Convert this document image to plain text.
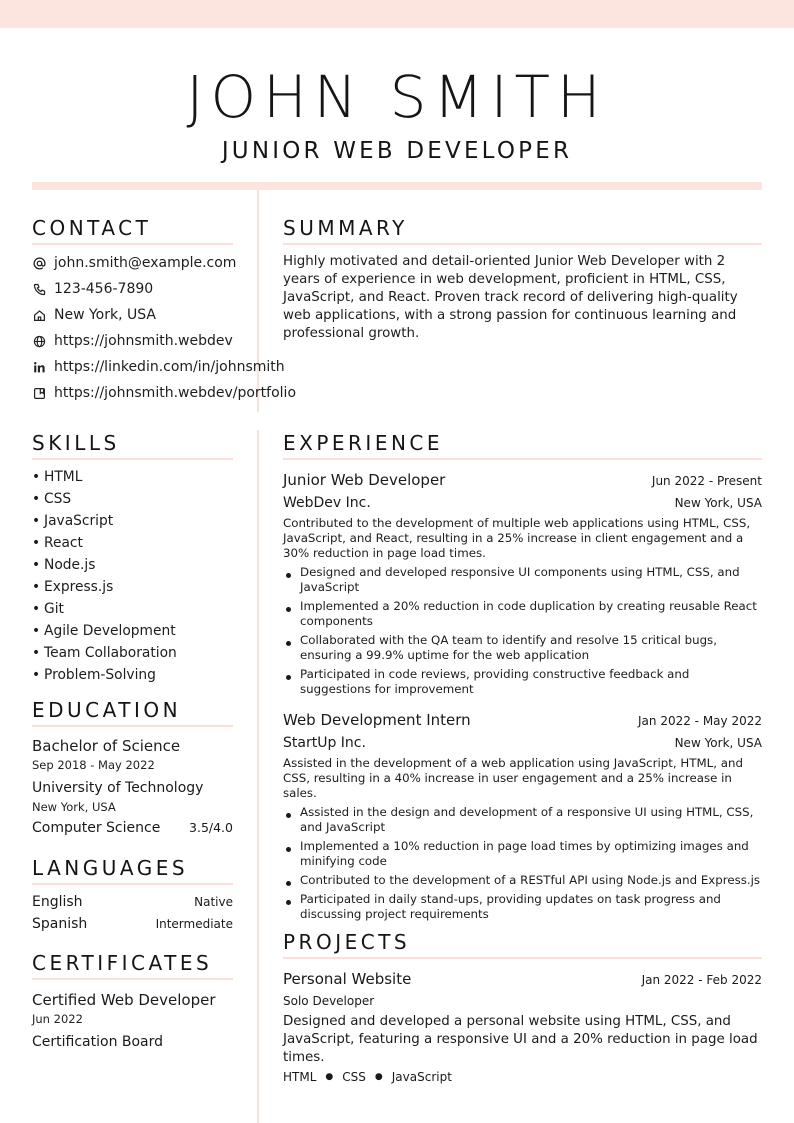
JOHN SMITH
JUNIOR WEB DEVELOPER
CONTACT
john.smith@example.com
123-456-7890
New York, USA
https://johnsmith.webdev
https://linkedin.com/in/johnsmith
https://johnsmith.webdev/portfolio
SUMMARY

Highly motivated and detail-oriented Junior Web Developer with 2 years of experience in web development, proficient in HTML, CSS, JavaScript, and React. Proven track record of delivering high-quality web applications, with a strong passion for continuous learning and professional growth.

SKILLS
• HTML
• CSS
• JavaScript
• React
• Node.js
• Express.js
• Git
• Agile Development
• Team Collaboration
• Problem-Solving
EDUCATION
Bachelor of Science
Sep 2018 - May 2022
University of Technology
New York, USA
Computer Science 3.5/4.0
LANGUAGES
English	Native
Spanish	Intermediate
CERTIFICATES
Certified Web Developer
Jun 2022
Certification Board
EXPERIENCE
Junior Web Developer	Jun 2022 - Present
WebDev Inc.	New York, USA

Contributed to the development of multiple web applications using HTML, CSS, JavaScript, and React, resulting in a 25% increase in client engagement and a 30% reduction in page load times.

Designed and developed responsive UI components using HTML, CSS, and JavaScript
Implemented a 20% reduction in code duplication by creating reusable React components
Collaborated with the QA team to identify and resolve 15 critical bugs, ensuring a 99.9% uptime for the web application
Participated in code reviews, providing constructive feedback and suggestions for improvement
Web Development Intern	Jan 2022 - May 2022
StartUp Inc.	New York, USA

Assisted in the development of a web application using JavaScript, HTML, and CSS, resulting in a 40% increase in user engagement and a 25% increase in sales.

Assisted in the design and development of a responsive UI using HTML, CSS, and JavaScript
Implemented a 10% reduction in page load times by optimizing images and minifying code
Contributed to the development of a RESTful API using Node.js and Express.js
Participated in daily stand-ups, providing updates on task progress and discussing project requirements
PROJECTS
Personal Website	Jan 2022 - Feb 2022
Solo Developer

Designed and developed a personal website using HTML, CSS, and JavaScript, featuring a responsive UI and a 20% reduction in page load times.

HTML ● CSS ● JavaScript
